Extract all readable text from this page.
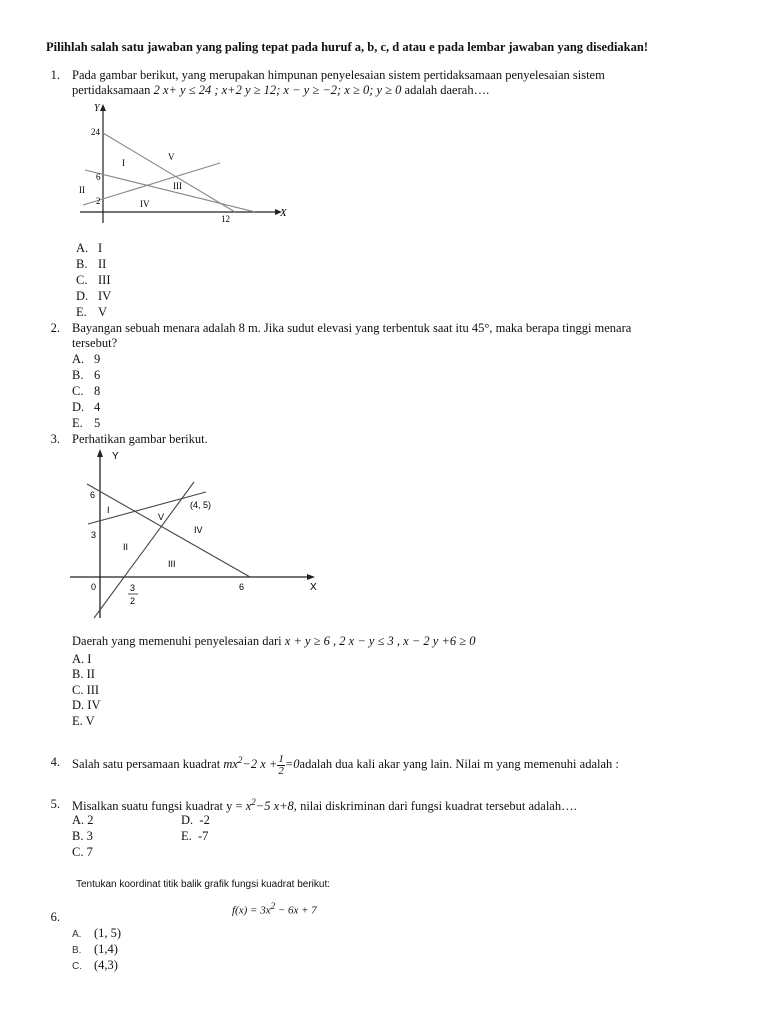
Pilihlah salah satu jawaban yang paling tepat pada huruf a, b, c, d atau e pada lembar jawaban yang disediakan!
1. Pada gambar berikut, yang merupakan himpunan penyelesaian sistem pertidaksamaan penyelesaian sistem
pertidaksamaan 2 x+ y ≤ 24 ; x+2 y ≥ 12; x − y ≥ −2; x ≥ 0; y ≥ 0 adalah daerah….
X
Y
24
6
2
12
I
II	III
IV
V
A. I
B. II
C. III
D. IV
E. V
2. Bayangan sebuah menara adalah 8 m. Jika sudut elevasi yang terbentuk saat itu 45°, maka berapa tinggi menara
tersebut?
A. 9
B. 6
C. 8
D. 4
E. 5
3. Perhatikan gambar berikut.
X
Y
6
3
0	6
3
2
(4, 5)
I
II
III
IV
V
Daerah yang memenuhi penyelesaian dari x + y ≥ 6 , 2 x − y ≤ 3 , x − 2 y +6 ≥ 0
A. I
B. II
C. III
D. IV
E. V
4. Salah satu persamaan kuadrat $mx^2-2$ $x + \frac{1}{2}$ =0adalah dua kali akar yang lain. Nilai m yang memenuhi adalah :
5. Misalkan suatu fungsi kuadrat $y = x^2-5$ x+8, nilai diskriminan dari fungsi kuadrat tersebut adalah….
A. 2
B. 3
C. 7
D. -2
E. -7
Tentukan koordinat titik balik grafik fungsi kuadrat berikut:
$f(x) = 3x^2 - 6x + 7$
6.
A. (1, 5)
B. (1,4)
C. (4,3)
